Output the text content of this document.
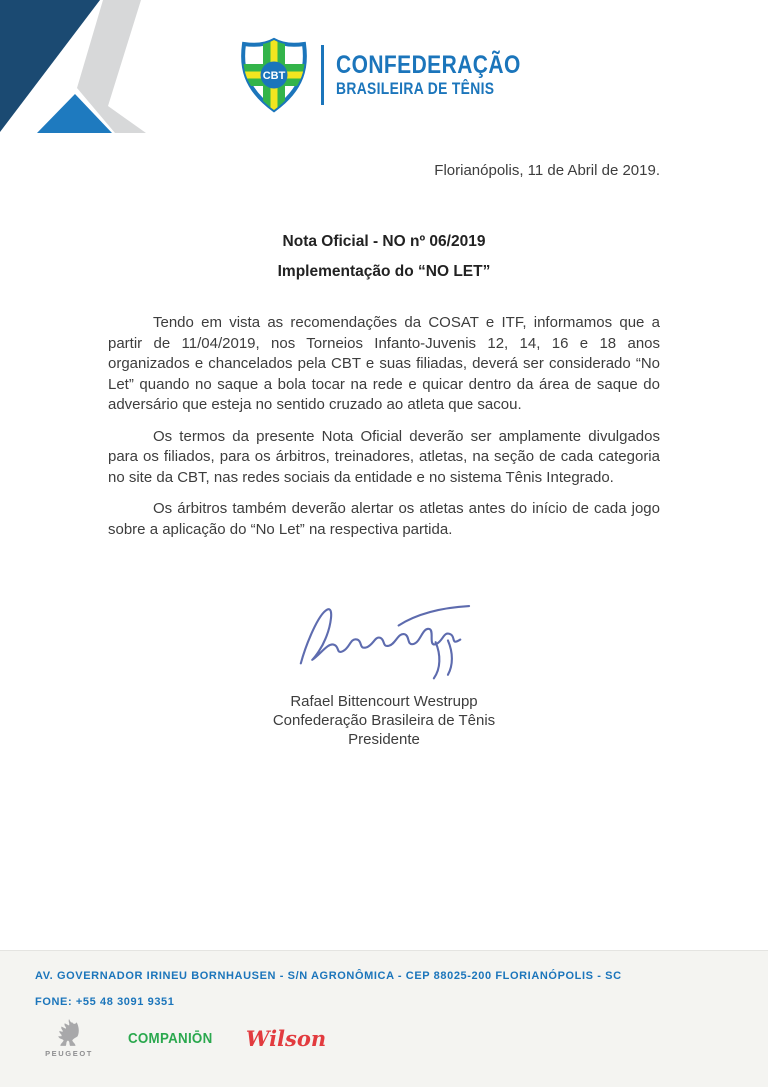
CBT CONFEDERAÇÃO
BRASILEIRA DE TÊNIS
Florianópolis, 11 de Abril de 2019.
Nota Oficial - NO nº 06/2019
Implementação do “NO LET”

Tendo em vista as recomendações da COSAT e ITF, informamos que a partir de 11/04/2019, nos Torneios Infanto-Juvenis 12, 14, 16 e 18 anos organizados e chancelados pela CBT e suas filiadas, deverá ser considerado “No Let” quando no saque a bola tocar na rede e quicar dentro da área de saque do adversário que esteja no sentido cruzado ao atleta que sacou.

Os termos da presente Nota Oficial deverão ser amplamente divulgados para os filiados, para os árbitros, treinadores, atletas, na seção de cada categoria no site da CBT, nas redes sociais da entidade e no sistema Tênis Integrado.

Os árbitros também deverão alertar os atletas antes do início de cada jogo sobre a aplicação do “No Let” na respectiva partida.

Rafael Bittencourt Westrupp
Confederação Brasileira de Tênis
Presidente
AV. GOVERNADOR IRINEU BORNHAUSEN - S/N AGRONÔMICA - CEP 88025-200 FLORIANÓPOLIS - SC
FONE: +55 48 3091 9351
PEUGEOT
COMPANIŌN Wilson
